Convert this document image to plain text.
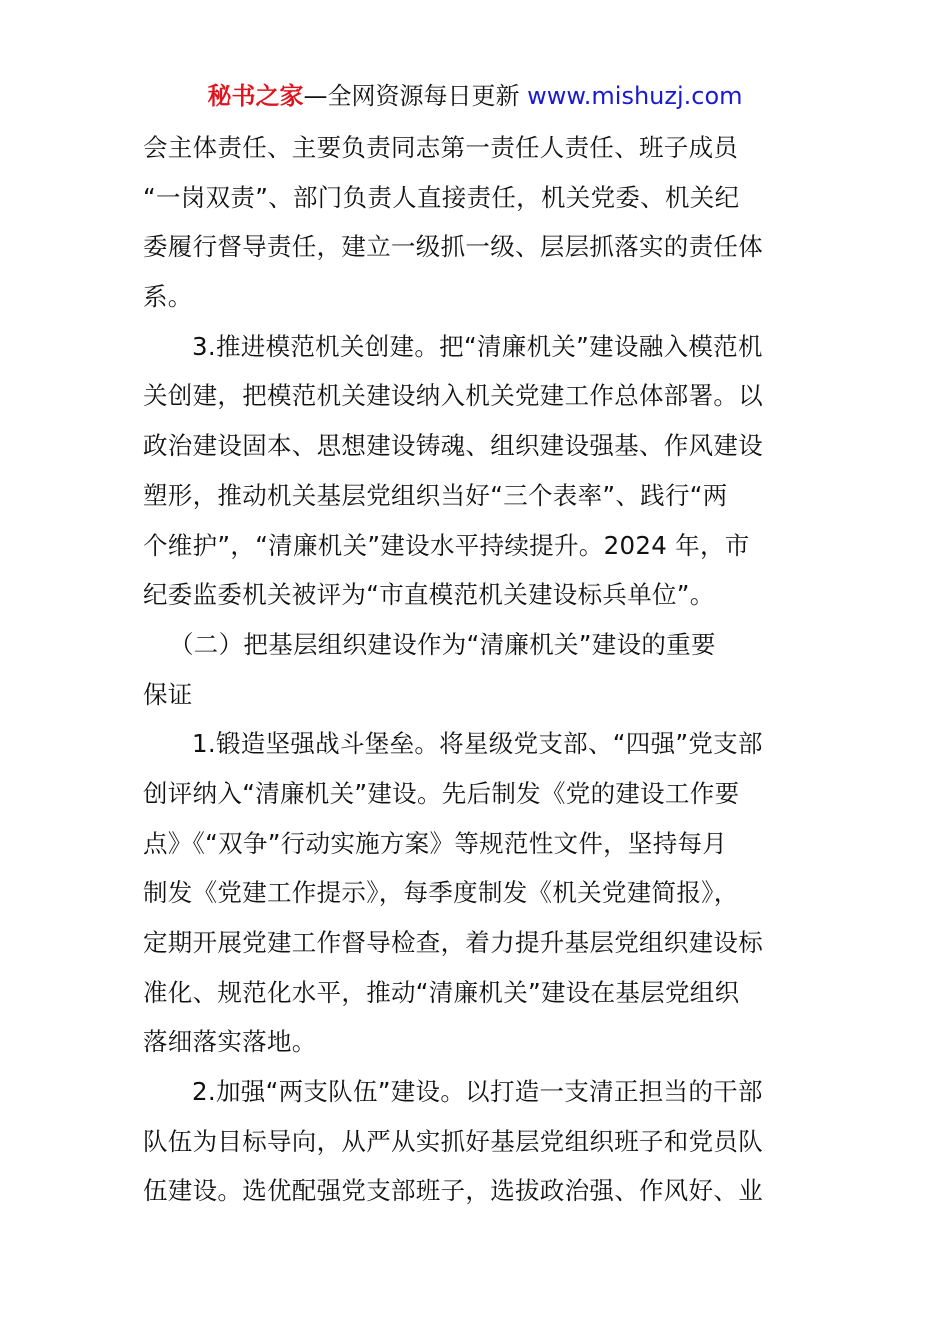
秘书之家—全网资源每日更新 www.mishuzj.com
会主体责任、主要负责同志第一责任人责任、班子成员
“一岗双责”、部门负责人直接责任，机关党委、机关纪
委履行督导责任，建立一级抓一级、层层抓落实的责任体
系。
3.推进模范机关创建。把“清廉机关”建设融入模范机
关创建，把模范机关建设纳入机关党建工作总体部署。以
政治建设固本、思想建设铸魂、组织建设强基、作风建设
塑形，推动机关基层党组织当好“三个表率”、践行“两
个维护”，“清廉机关”建设水平持续提升。2024 年，市
纪委监委机关被评为“市直模范机关建设标兵单位”。
（二）把基层组织建设作为“清廉机关”建设的重要
保证
1.锻造坚强战斗堡垒。将星级党支部、“四强”党支部
创评纳入“清廉机关”建设。先后制发《党的建设工作要
点》《“双争”行动实施方案》等规范性文件，坚持每月
制发《党建工作提示》，每季度制发《机关党建简报》，
定期开展党建工作督导检查，着力提升基层党组织建设标
准化、规范化水平，推动“清廉机关”建设在基层党组织
落细落实落地。
2.加强“两支队伍”建设。以打造一支清正担当的干部
队伍为目标导向，从严从实抓好基层党组织班子和党员队
伍建设。选优配强党支部班子，选拔政治强、作风好、业
